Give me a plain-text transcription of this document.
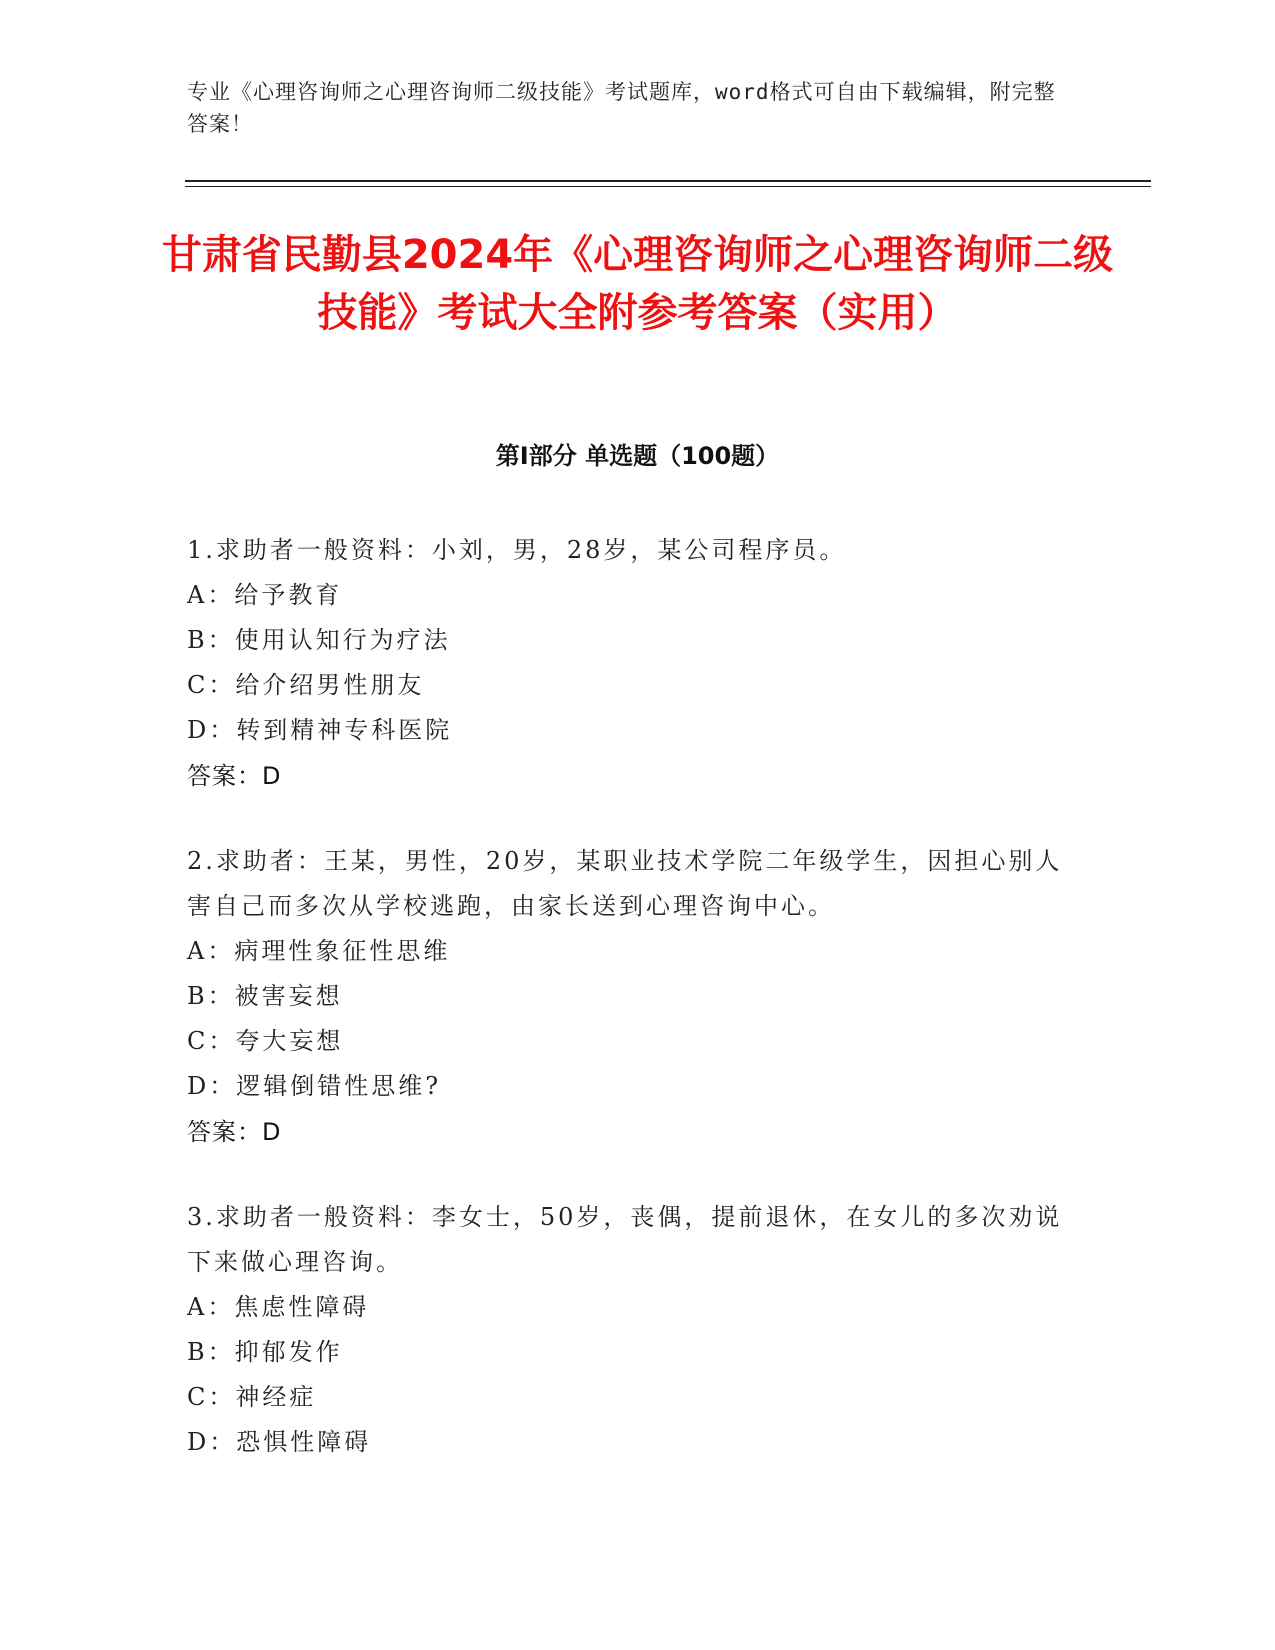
专业《心理咨询师之心理咨询师二级技能》考试题库，word格式可自由下载编辑，附完整答案！
甘肃省民勤县2024年《心理咨询师之心理咨询师二级技能》考试大全附参考答案（实用）
第I部分 单选题（100题）

1.求助者一般资料：小刘，男，28岁，某公司程序员。

A：给予教育

B：使用认知行为疗法

C：给介绍男性朋友

D：转到精神专科医院

答案：D

2.求助者：王某，男性，20岁，某职业技术学院二年级学生，因担心别人害自己而多次从学校逃跑，由家长送到心理咨询中心。

A：病理性象征性思维

B：被害妄想

C：夸大妄想

D：逻辑倒错性思维?

答案：D

3.求助者一般资料：李女士，50岁，丧偶，提前退休，在女儿的多次劝说下来做心理咨询。

A：焦虑性障碍

B：抑郁发作

C：神经症

D：恐惧性障碍
